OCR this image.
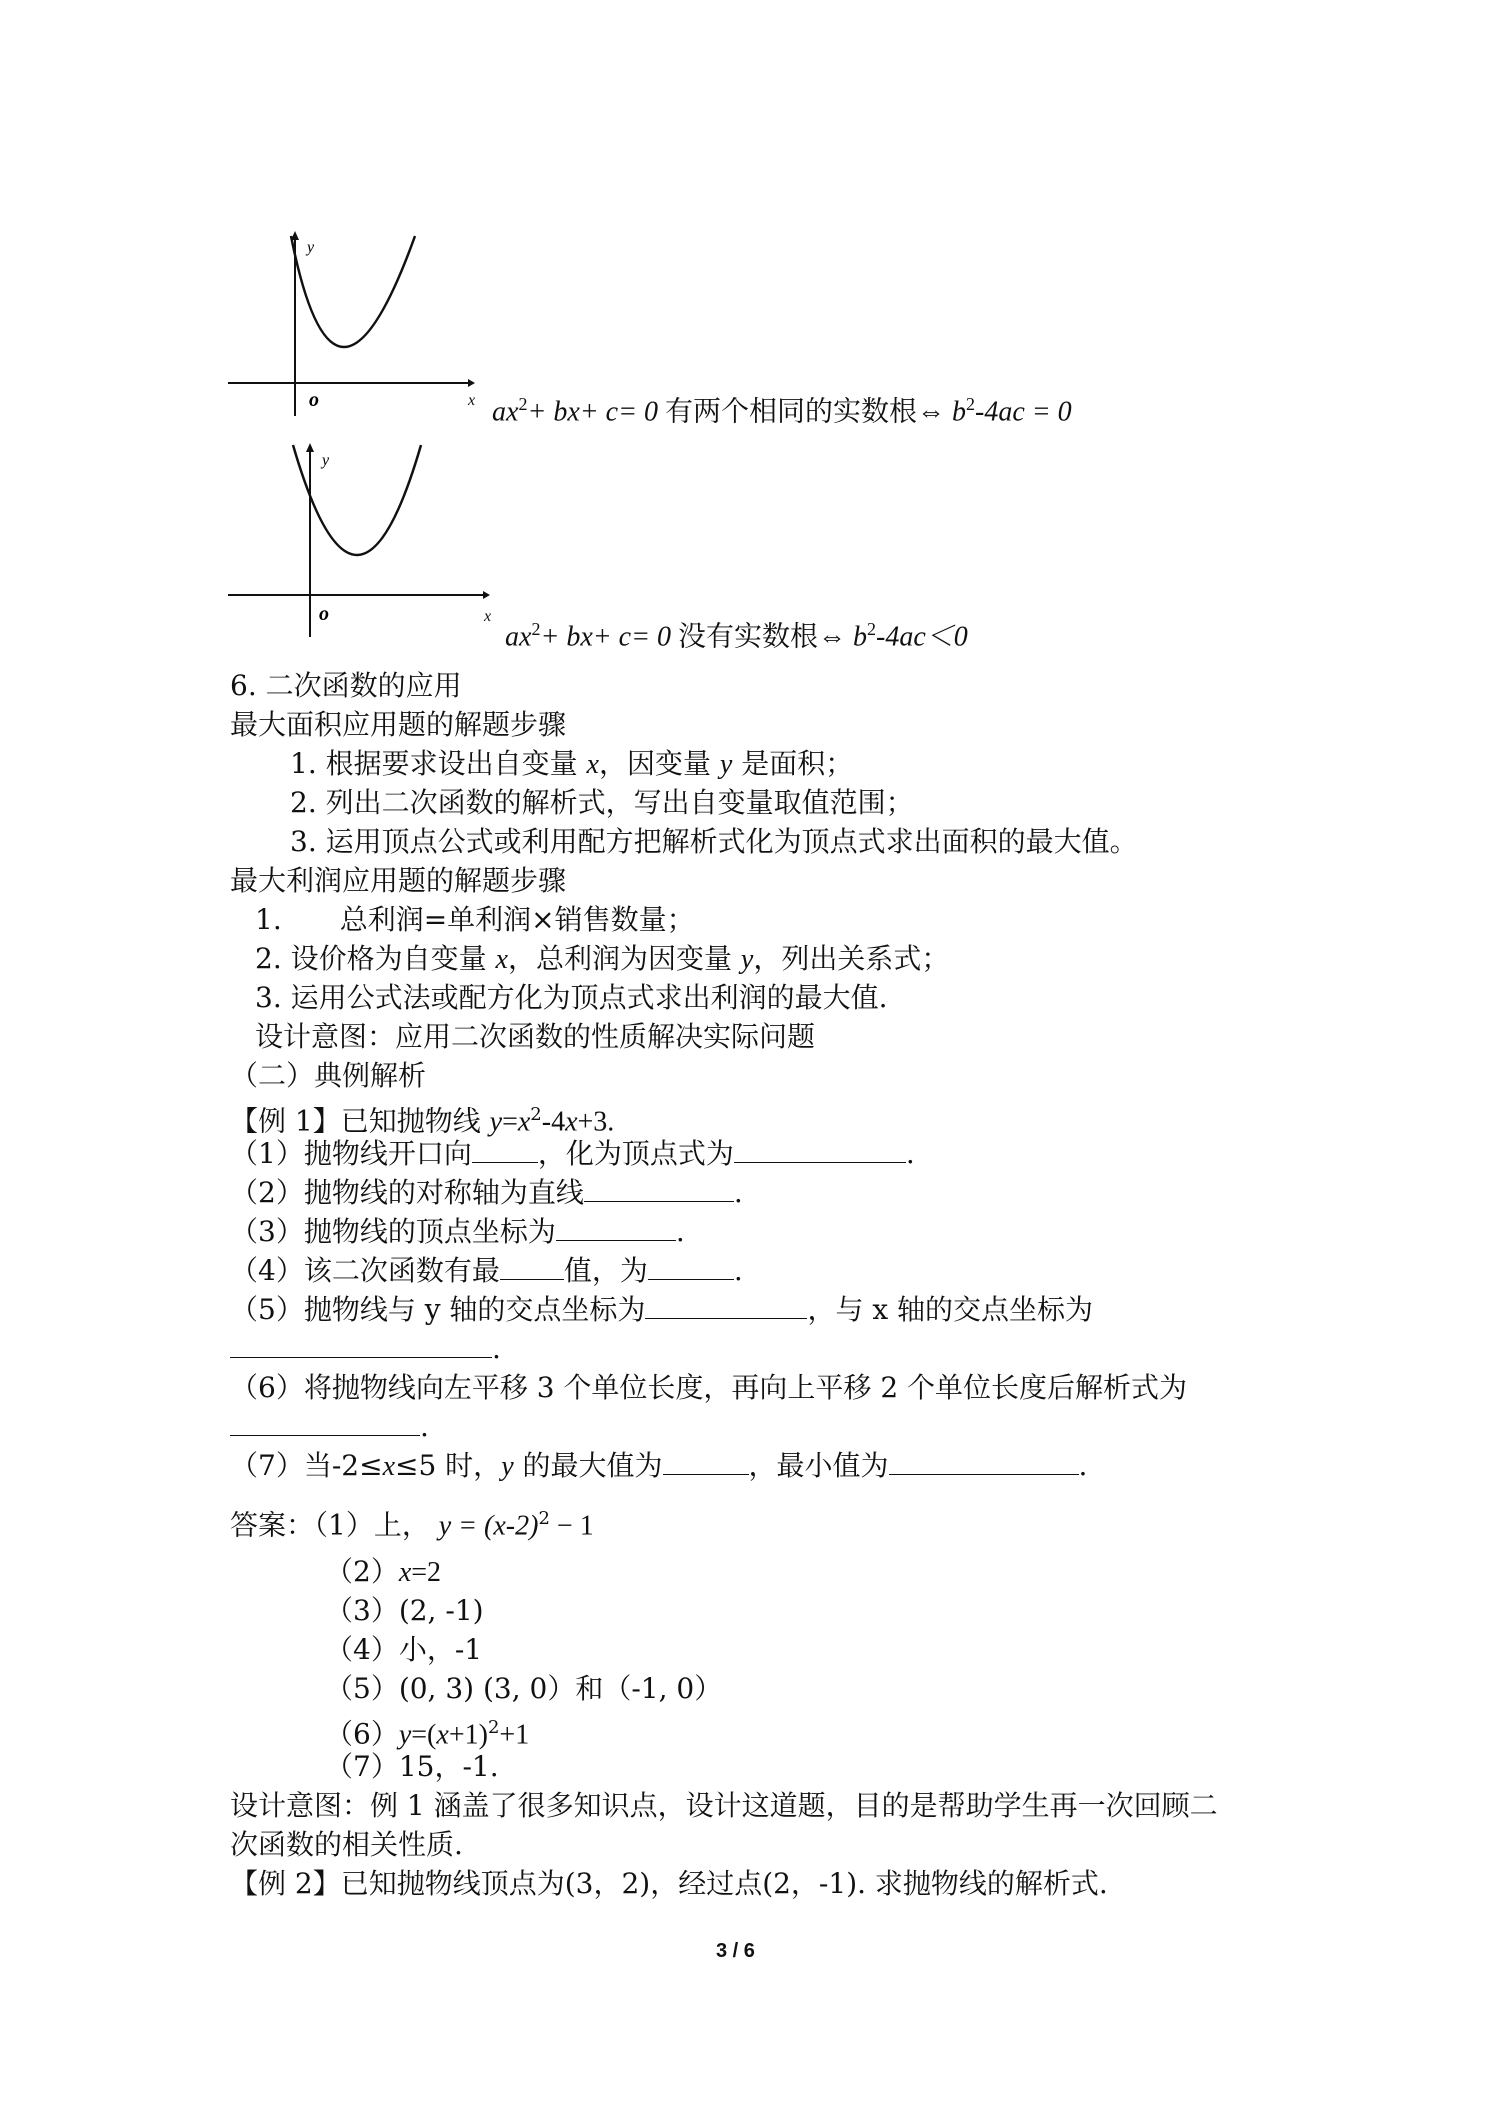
y
o	x $ax^2+ bx+ c= 0$ 有两个相同的实数根⇔ $b^2-4ac = 0$
y
o	x
$ax^2+ bx+ c= 0$ 没有实数根⇔ $b^2-4ac<0$
6. 二次函数的应用
最大面积应用题的解题步骤
1. 根据要求设出自变量 x，因变量 y 是面积；
2. 列出二次函数的解析式，写出自变量取值范围；
3. 运用顶点公式或利用配方把解析式化为顶点式求出面积的最大值。
最大利润应用题的解题步骤
1. 总利润=单利润×销售数量；
2. 设价格为自变量 x，总利润为因变量 y，列出关系式；
3. 运用公式法或配方化为顶点式求出利润的最大值.
设计意图：应用二次函数的性质解决实际问题
（二）典例解析
【例 1】已知抛物线 $y=x^2-4x+3$.
（1）抛物线开口向 ，化为顶点式为	.
（2）抛物线的对称轴为直线	.
（3）抛物线的顶点坐标为	.
（4）该二次函数有最 值，为	.
（5）抛物线与 y 轴的交点坐标为	，与 x 轴的交点坐标为
.
（6）将抛物线向左平移 3 个单位长度，再向上平移 2 个单位长度后解析式为
.
（7）当-2≤x≤5 时，y 的最大值为	，最小值为	.
答案：（1）上， $y = (x-2)^2 - 1$
（2）x=2
（3）(2, -1)
（4）小，-1
（5）(0, 3) (3, 0）和（-1, 0）
$(6)y=(x+1)^2+1$
（7）15，-1.
设计意图：例 1 涵盖了很多知识点，设计这道题，目的是帮助学生再一次回顾二
次函数的相关性质.
【例 2】已知抛物线顶点为(3，2)，经过点(2，-1). 求抛物线的解析式.
3 / 6
